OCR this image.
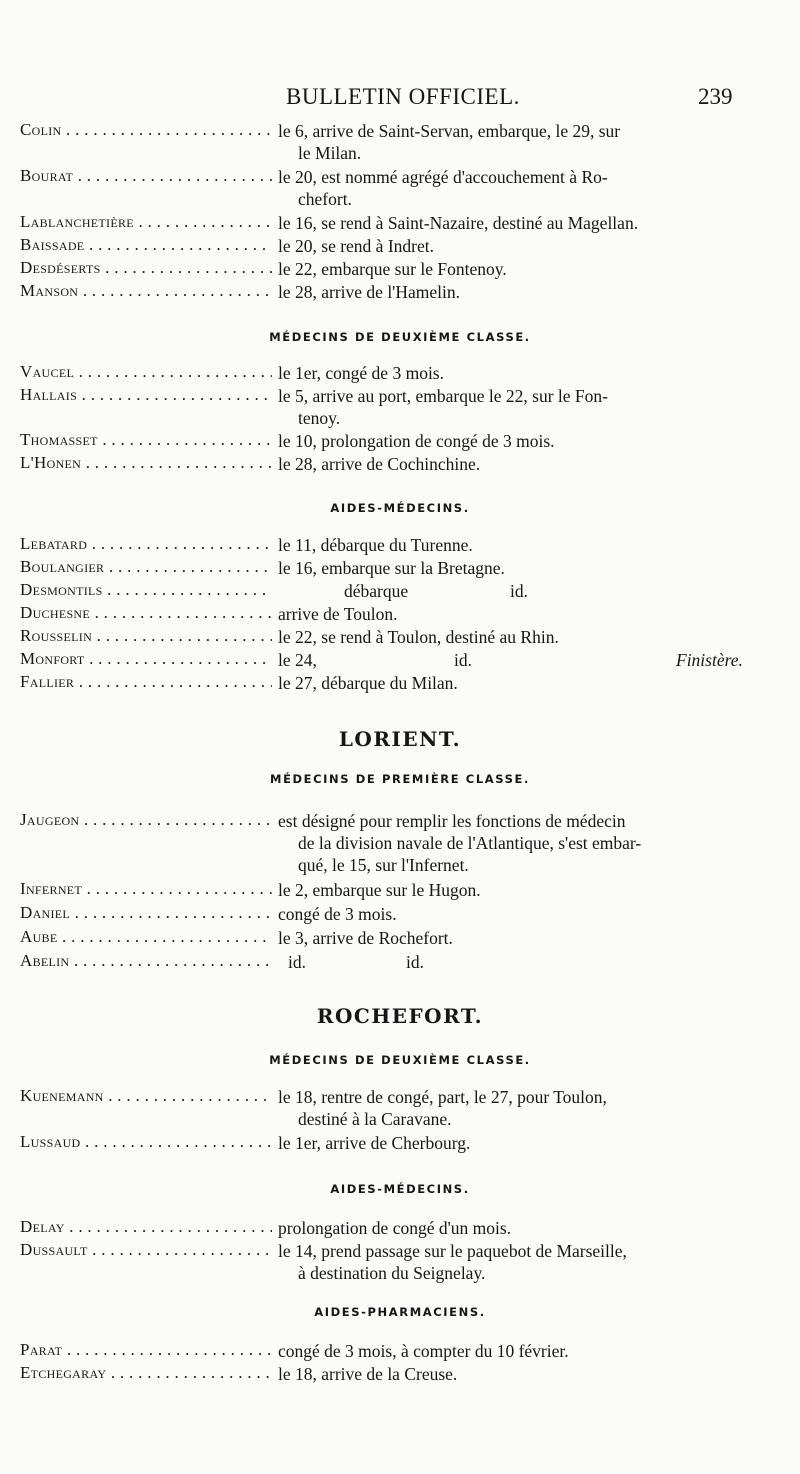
BULLETIN OFFICIEL.	239
Colin . . .	le 6, arrive de Saint-Servan, embarque, le 29, sur
le Milan.
Bourat . . .	le 20, est nommé agrégé d'accouchement à Ro-
chefort.
Lablanchetière . . .	le 16, se rend à Saint-Nazaire, destiné au Magellan.
Baissade . . .	le 20, se rend à Indret.
Desdéserts . . .	le 22, embarque sur le Fontenoy.
Manson . . .	le 28, arrive de l'Hamelin.
MÉDECINS DE DEUXIÈME CLASSE.
Vaucel . . .	le 1er, congé de 3 mois.
Hallais . . .	le 5, arrive au port, embarque le 22, sur le Fon-
tenoy.
Thomasset . . .	le 10, prolongation de congé de 3 mois.
L'Honen . . .	le 28, arrive de Cochinchine.
AIDES-MÉDECINS.
Lebatard . . .	le 11, débarque du Turenne.
Boulangier . . .	le 16, embarque sur la Bretagne.
Desmontils . . .	débarque	id.
Duchesne . . .	arrive de Toulon.
Rousselin . . .	le 22, se rend à Toulon, destiné au Rhin.
Monfort . . .	le 24,	id.	Finistère.
Fallier . . .	le 27, débarque du Milan.
LORIENT.
MÉDECINS DE PREMIÈRE CLASSE.
Jaugeon . . .	est désigné pour remplir les fonctions de médecin
de la division navale de l'Atlantique, s'est embar-
qué, le 15, sur l'Infernet.
Infernet . . .	le 2, embarque sur le Hugon.
Daniel . . .	congé de 3 mois.
Aube . . .	le 3, arrive de Rochefort.
Abelin . . .	id.	id.
ROCHEFORT.
MÉDECINS DE DEUXIÈME CLASSE.
Kuenemann . . .	le 18, rentre de congé, part, le 27, pour Toulon,
destiné à la Caravane.
Lussaud . . .	le 1er, arrive de Cherbourg.
AIDES-MÉDECINS.
Delay . . .	prolongation de congé d'un mois.
Dussault . . .	le 14, prend passage sur le paquebot de Marseille,
à destination du Seignelay.
AIDES-PHARMACIENS.
Parat . . .	congé de 3 mois, à compter du 10 février.
Etchegaray . . .	le 18, arrive de la Creuse.
